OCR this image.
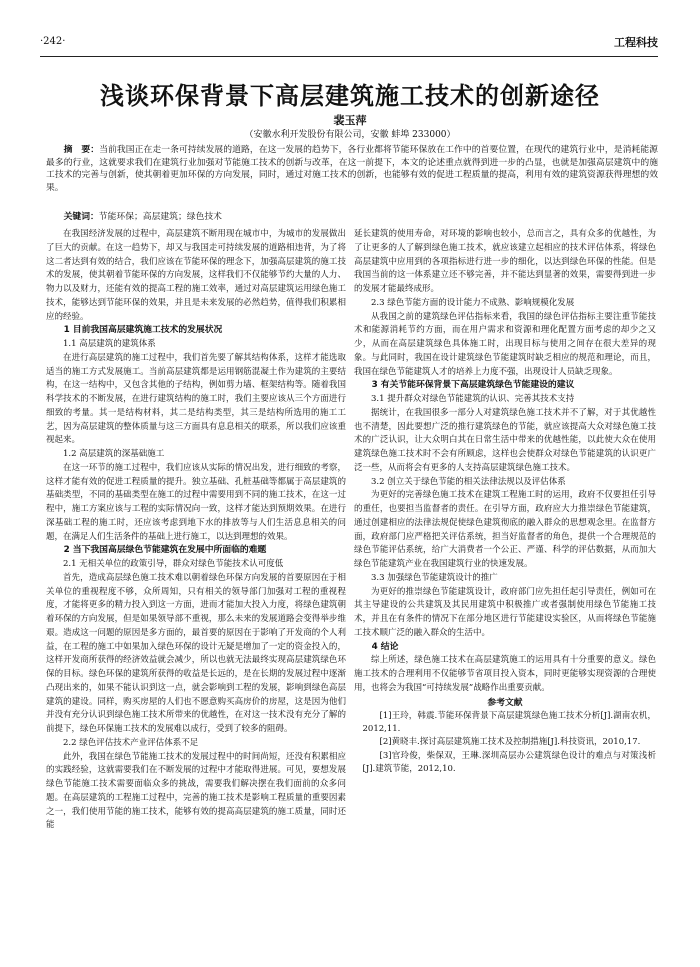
·242·	工程科技
浅谈环保背景下高层建筑施工技术的创新途径
裴玉萍
（安徽水利开发股份有限公司，安徽 蚌埠 233000）
摘　要：当前我国正在走一条可持续发展的道路，在这一发展的趋势下，各行业都将节能环保放在工作中的首要位置，在现代的建筑行业中，是消耗能源最多的行业，这就要求我们在建筑行业加强对节能施工技术的创新与改革，在这一前提下，本文的论述重点就得到进一步的凸显，也就是加强高层建筑中的施工技术的完善与创新，使其朝着更加环保的方向发展，同时，通过对施工技术的创新，也能够有效的促进工程质量的提高，利用有效的建筑资源获得理想的效果。
关键词：节能环保；高层建筑；绿色技术

在我国经济发展的过程中，高层建筑不断用现在城市中，为城市的发展做出了巨大的贡献。在这一趋势下，却又与我国走可持续发展的道路相违背，为了将这二者达到有效的结合，我们应该在节能环保的理念下，加强高层建筑的施工技术的发展，使其朝着节能环保的方向发展，这样我们不仅能够节约大量的人力、物力以及财力，还能有效的提高工程的施工效率，通过对高层建筑运用绿色施工技术，能够达到节能环保的效果，并且是未来发展的必然趋势，值得我们积累相应的经验。

1 目前我国高层建筑施工技术的发展状况
1.1 高层建筑的建筑体系

在进行高层建筑的施工过程中，我们首先要了解其结构体系，这样才能选取适当的施工方式发展施工。当前高层建筑都是运用钢筋混凝土作为建筑的主要结构，在这一结构中，又包含其他的子结构，例如剪力墙、框架结构等。随着我国科学技术的不断发展，在进行建筑结构的施工时，我们主要应该从三个方面进行细致的考量。其一是结构材料，其二是结构类型，其三是结构所选用的施工工艺，因为高层建筑的整体质量与这三方面具有息息相关的联系，所以我们应该重视起来。

1.2 高层建筑的深基础施工

在这一环节的施工过程中，我们应该从实际的情况出发，进行细致的考察，这样才能有效的促进工程质量的提升。独立基础、孔桩基础等都属于高层建筑的基础类型，不同的基础类型在施工的过程中需要用到不同的施工技术，在这一过程中，施工方案应该与工程的实际情况向一致，这样才能达到预期效果。在进行深基础工程的施工时，还应该考虑到地下水的排放等与人们生活息息相关的问题，在满足人们生活条件的基础上进行施工，以达到理想的效果。

2 当下我国高层绿色节能建筑在发展中所面临的难题
2.1 无相关单位的政策引导，群众对绿色节能技术认可度低

首先，造成高层绿色施工技术难以朝着绿色环保方向发展的首要原因在于相关单位的重视程度不够，众所周知，只有相关的领导部门加强对工程的重视程度，才能将更多的精力投入到这一方面，进而才能加大投入力度，将绿色建筑朝着环保的方向发展，但是如果领导部不重视，那么未来的发展道路会变得举步维艰。造成这一问题的原因是多方面的，最首要的原因在于影响了开发商的个人利益，在工程的施工中如果加入绿色环保的设计无疑是增加了一定的资金投入的，这样开发商所获得的经济效益就会减少，所以也就无法最终实现高层建筑绿色环保的目标。绿色环保的建筑所获得的收益是长远的，是在长期的发展过程中逐渐凸现出来的，如果不能认识到这一点，就会影响到工程的发展，影响到绿色高层建筑的建设。同样，购买房屋的人们也不愿意购买高房价的房屋，这是因为他们并没有充分认识到绿色施工技术所带来的优越性，在对这一技术没有充分了解的前提下，绿色环保施工技术的发展难以成行，受到了较多的阻碍。

2.2 绿色评估技术产业评估体系不足

此外，我国在绿色节能施工技术的发展过程中的时间尚短，还没有积累相应的实践经验，这就需要我们在不断发展的过程中才能取得进展。可见，要想发展绿色节能施工技术需要面临众多的挑战，需要我们解决摆在我们面前的众多问题。在高层建筑的工程施工过程中，完善的施工技术是影响工程质量的重要因素之一，我们使用节能的施工技术，能够有效的提高高层建筑的施工质量，同时还能

延长建筑的使用寿命，对环境的影响也较小，总而言之，具有众多的优越性，为了让更多的人了解到绿色施工技术，就应该建立起相应的技术评估体系，将绿色高层建筑中应用到的各项指标进行进一步的细化，以达到绿色环保的性能。但是我国当前的这一体系建立还不够完善，并不能达到显著的效果，需要得到进一步的发展才能最终成形。

2.3 绿色节能方面的设计能力不成熟、影响规模化发展

从我国之前的建筑绿色评估指标来看，我国的绿色评估指标主要注重节能技术和能源消耗节约方面，而在用户需求和资源和理化配置方面考虑的却少之又少，从而在高层建筑绿色具体施工时，出现目标与使用之间存在很大差异的现象。与此同时，我国在设计建筑绿色节能建筑时缺乏相应的规范和理论，而且，我国在绿色节能建筑人才的培养上力度不强，出现设计人员缺乏现象。

3 有关节能环保背景下高层建筑绿色节能建设的建议
3.1 提升群众对绿色节能建筑的认识、完善其技术支持

据统计，在我国很多一部分人对建筑绿色施工技术并不了解，对于其优越性也不清楚，因此要想广泛的推行建筑绿色的节能，就应该提高大众对绿色施工技术的广泛认识，让大众明白其在日常生活中带来的优越性能，以此使大众在使用建筑绿色施工技术时不会有所顾虑，这样也会使群众对绿色节能建筑的认识更广泛一些，从而将会有更多的人支持高层建筑绿色施工技术。

3.2 创立关于绿色节能的相关法律法规以及评估体系

为更好的完善绿色施工技术在建筑工程施工时的运用，政府不仅要担任引导的重任，也要担当监督者的责任。在引导方面，政府应大力推崇绿色节能建筑，通过创建相应的法律法规促使绿色建筑彻底的融入群众的思想观念里。在监督方面，政府部门应严格把关评估系统，担当好监督者的角色，提供一个合理规范的绿色节能评估系统，给广大消费者一个公正、严谨、科学的评估数据，从而加大绿色节能建筑产业在我国建筑行业的快速发展。

3.3 加强绿色节能建筑设计的推广

为更好的推崇绿色节能建筑设计，政府部门应先担任起引导责任，例如可在其主导建设的公共建筑及其民用建筑中积极推广或者强制使用绿色节能施工技术，并且在有条件的情况下在部分地区进行节能建设实验区，从而将绿色节能施工技术顺广泛的融入群众的生活中。

4 结论

综上所述，绿色施工技术在高层建筑施工的运用具有十分重要的意义。绿色施工技术的合理利用不仅能够节省项目投入资本，同时更能够实现资源的合理使用，也将会为我国“可持续发展”战略作出重要贡献。

参考文献

[1]王玲，韩震.节能环保背景下高层建筑绿色施工技术分析[J].湖南农机，2012,11.

[2]黄晓丰.探讨高层建筑施工技术及控制措施[J].科技资讯，2010,17.

[3]官玲俊，柴保双，王琳.深圳高层办公建筑绿色设计的难点与对策浅析[J].建筑节能，2012,10.
